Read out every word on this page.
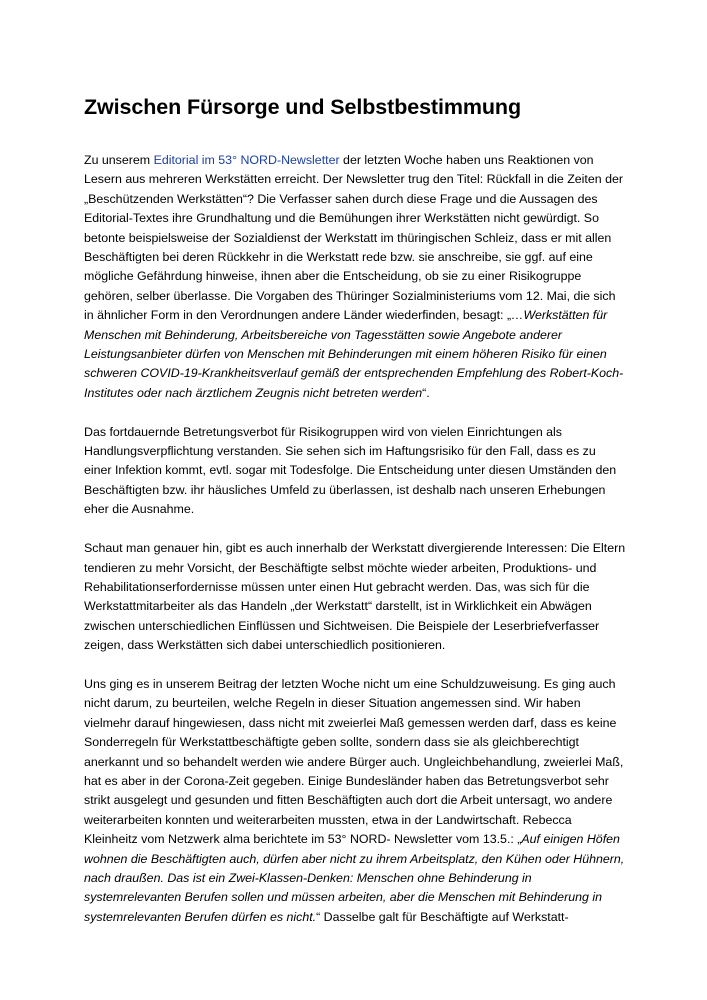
Zwischen Fürsorge und Selbstbestimmung

Zu unserem Editorial im 53° NORD-Newsletter der letzten Woche haben uns Reaktionen von Lesern aus mehreren Werkstätten erreicht. Der Newsletter trug den Titel: Rückfall in die Zeiten der „Beschützenden Werkstätten“? Die Verfasser sahen durch diese Frage und die Aussagen des Editorial-Textes ihre Grundhaltung und die Bemühungen ihrer Werkstätten nicht gewürdigt. So betonte beispielsweise der Sozialdienst der Werkstatt im thüringischen Schleiz, dass er mit allen Beschäftigten bei deren Rückkehr in die Werkstatt rede bzw. sie anschreibe, sie ggf. auf eine mögliche Gefährdung hinweise, ihnen aber die Entscheidung, ob sie zu einer Risikogruppe gehören, selber überlasse. Die Vorgaben des Thüringer Sozialministeriums vom 12. Mai, die sich in ähnlicher Form in den Verordnungen andere Länder wiederfinden, besagt: „…Werkstätten für Menschen mit Behinderung, Arbeitsbereiche von Tagesstätten sowie Angebote anderer Leistungsanbieter dürfen von Menschen mit Behinderungen mit einem höheren Risiko für einen schweren COVID-19-Krankheitsverlauf gemäß der entsprechenden Empfehlung des Robert-Koch-Institutes oder nach ärztlichem Zeugnis nicht betreten werden“.

Das fortdauernde Betretungsverbot für Risikogruppen wird von vielen Einrichtungen als Handlungsverpflichtung verstanden. Sie sehen sich im Haftungsrisiko für den Fall, dass es zu einer Infektion kommt, evtl. sogar mit Todesfolge. Die Entscheidung unter diesen Umständen den Beschäftigten bzw. ihr häusliches Umfeld zu überlassen, ist deshalb nach unseren Erhebungen eher die Ausnahme.

Schaut man genauer hin, gibt es auch innerhalb der Werkstatt divergierende Interessen: Die Eltern tendieren zu mehr Vorsicht, der Beschäftigte selbst möchte wieder arbeiten, Produktions- und Rehabilitationserfordernisse müssen unter einen Hut gebracht werden. Das, was sich für die Werkstattmitarbeiter als das Handeln „der Werkstatt“ darstellt, ist in Wirklichkeit ein Abwägen zwischen unterschiedlichen Einflüssen und Sichtweisen. Die Beispiele der Leserbriefverfasser zeigen, dass Werkstätten sich dabei unterschiedlich positionieren.

Uns ging es in unserem Beitrag der letzten Woche nicht um eine Schuldzuweisung. Es ging auch nicht darum, zu beurteilen, welche Regeln in dieser Situation angemessen sind. Wir haben vielmehr darauf hingewiesen, dass nicht mit zweierlei Maß gemessen werden darf, dass es keine Sonderregeln für Werkstattbeschäftigte geben sollte, sondern dass sie als gleichberechtigt anerkannt und so behandelt werden wie andere Bürger auch. Ungleichbehandlung, zweierlei Maß, hat es aber in der Corona-Zeit gegeben. Einige Bundesländer haben das Betretungsverbot sehr strikt ausgelegt und gesunden und fitten Beschäftigten auch dort die Arbeit untersagt, wo andere weiterarbeiten konnten und weiterarbeiten mussten, etwa in der Landwirtschaft. Rebecca Kleinheitz vom Netzwerk alma berichtete im 53° NORD- Newsletter vom 13.5.: „Auf einigen Höfen wohnen die Beschäftigten auch, dürfen aber nicht zu ihrem Arbeitsplatz, den Kühen oder Hühnern, nach draußen. Das ist ein Zwei-Klassen-Denken: Menschen ohne Behinderung in systemrelevanten Berufen sollen und müssen arbeiten, aber die Menschen mit Behinderung in systemrelevanten Berufen dürfen es nicht.“ Dasselbe galt für Beschäftigte auf Werkstatt-
